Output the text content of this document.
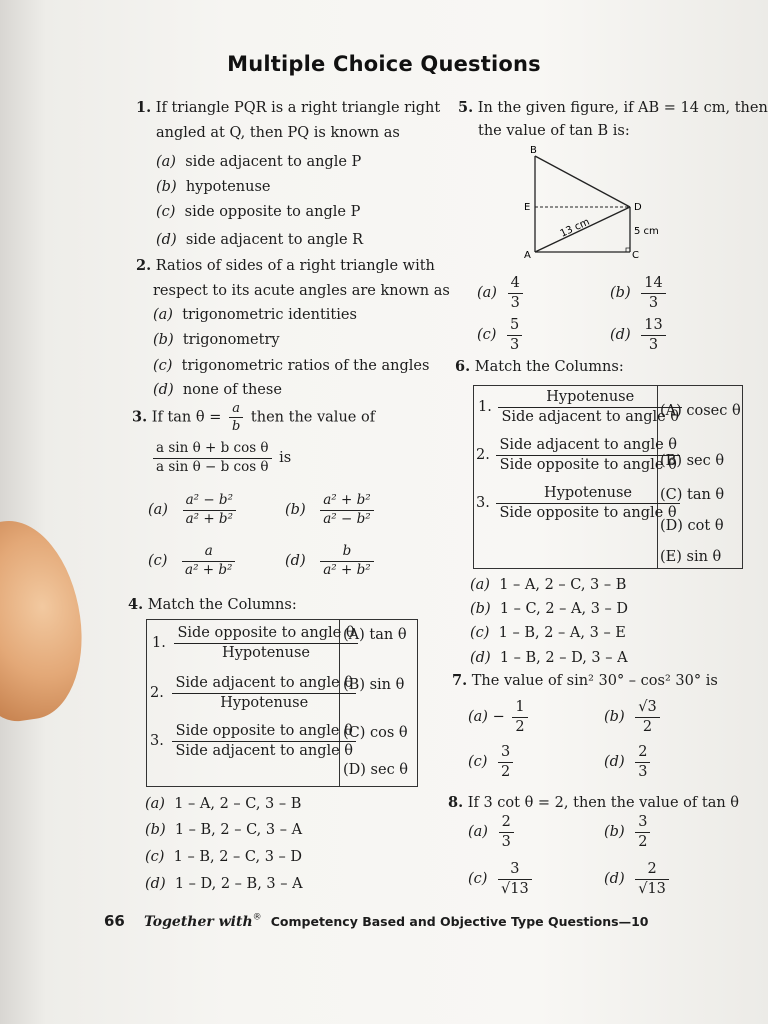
Multiple Choice Questions
1. If triangle PQR is a right triangle right
angled at Q, then PQ is known as
(a) side adjacent to angle P
(b) hypotenuse
(c) side opposite to angle P
(d) side adjacent to angle R
2. Ratios of sides of a right triangle with
respect to its acute angles are known as
(a) trigonometric identities
(b) trigonometry
(c) trigonometric ratios of the angles
(d) none of these
3. If $\tan \theta = \frac{a}{b}$ then the value of
$\frac{\text{a sin θ + b cos θ}}{\text{a sin θ − b cos θ}}$ is
$(a) \frac{\text{a² − b²}}{\text{a² + b²}}$	$(b) \frac{\text{a² + b²}}{\text{a² − b²}}$
$(c) \frac{a}{\text{a² + b²}}$	$(d) \frac{b}{\text{a² + b²}}$
4. Match the Columns:
1. $\frac{\text{Side opposite to angle θ}}{\text{Hypotenuse}}$
(A) tan θ
2. $\frac{\text{Side adjacent to angle θ}}{\text{Hypotenuse}}$
(B) sin θ
3. $\frac{\text{Side opposite to angle θ}}{\text{Side adjacent to angle θ}}$
(C) cos θ
(D) sec θ
(a) 1 – A, 2 – C, 3 – B
(b) 1 – B, 2 – C, 3 – A
(c) 1 – B, 2 – C, 3 – D
(d) 1 – D, 2 – B, 3 – A
5. In the given figure, if AB = 14 cm, then
the value of tan B is:
B
E	D
A	C
5 cm
13 cm
$(a) \frac{4}{3}$	$(b) \frac{14}{3}$
$(c) \frac{5}{3}$	$(d) \frac{13}{3}$
6. Match the Columns:
1. $\frac{\text{Hypotenuse}}{\text{Side adjacent to angle θ}}$
2. $\frac{\text{Side adjacent to angle θ}}{\text{Side opposite to angle θ}}$
3. $\frac{\text{Hypotenuse}}{\text{Side opposite to angle θ}}$
(A) cosec θ
(B) sec θ
(C) tan θ
(D) cot θ
(E) sin θ
(a) 1 – A, 2 – C, 3 – B
(b) 1 – C, 2 – A, 3 – D
(c) 1 – B, 2 – A, 3 – E
(d) 1 – B, 2 – D, 3 – A
7. The value of sin² 30° – cos² 30° is
$(a) - \frac{1}{2}$	$(b) \frac{√3}{2}$
$(c) \frac{3}{2}$	$(d) \frac{2}{3}$
8. If 3 cot θ = 2, then the value of tan θ
$(a) \frac{2}{3}$	$(b) \frac{3}{2}$
$(c) \frac{3}{√13}$	$(d) \frac{2}{√13}$
66 Together with® Competency Based and Objective Type Questions—10
